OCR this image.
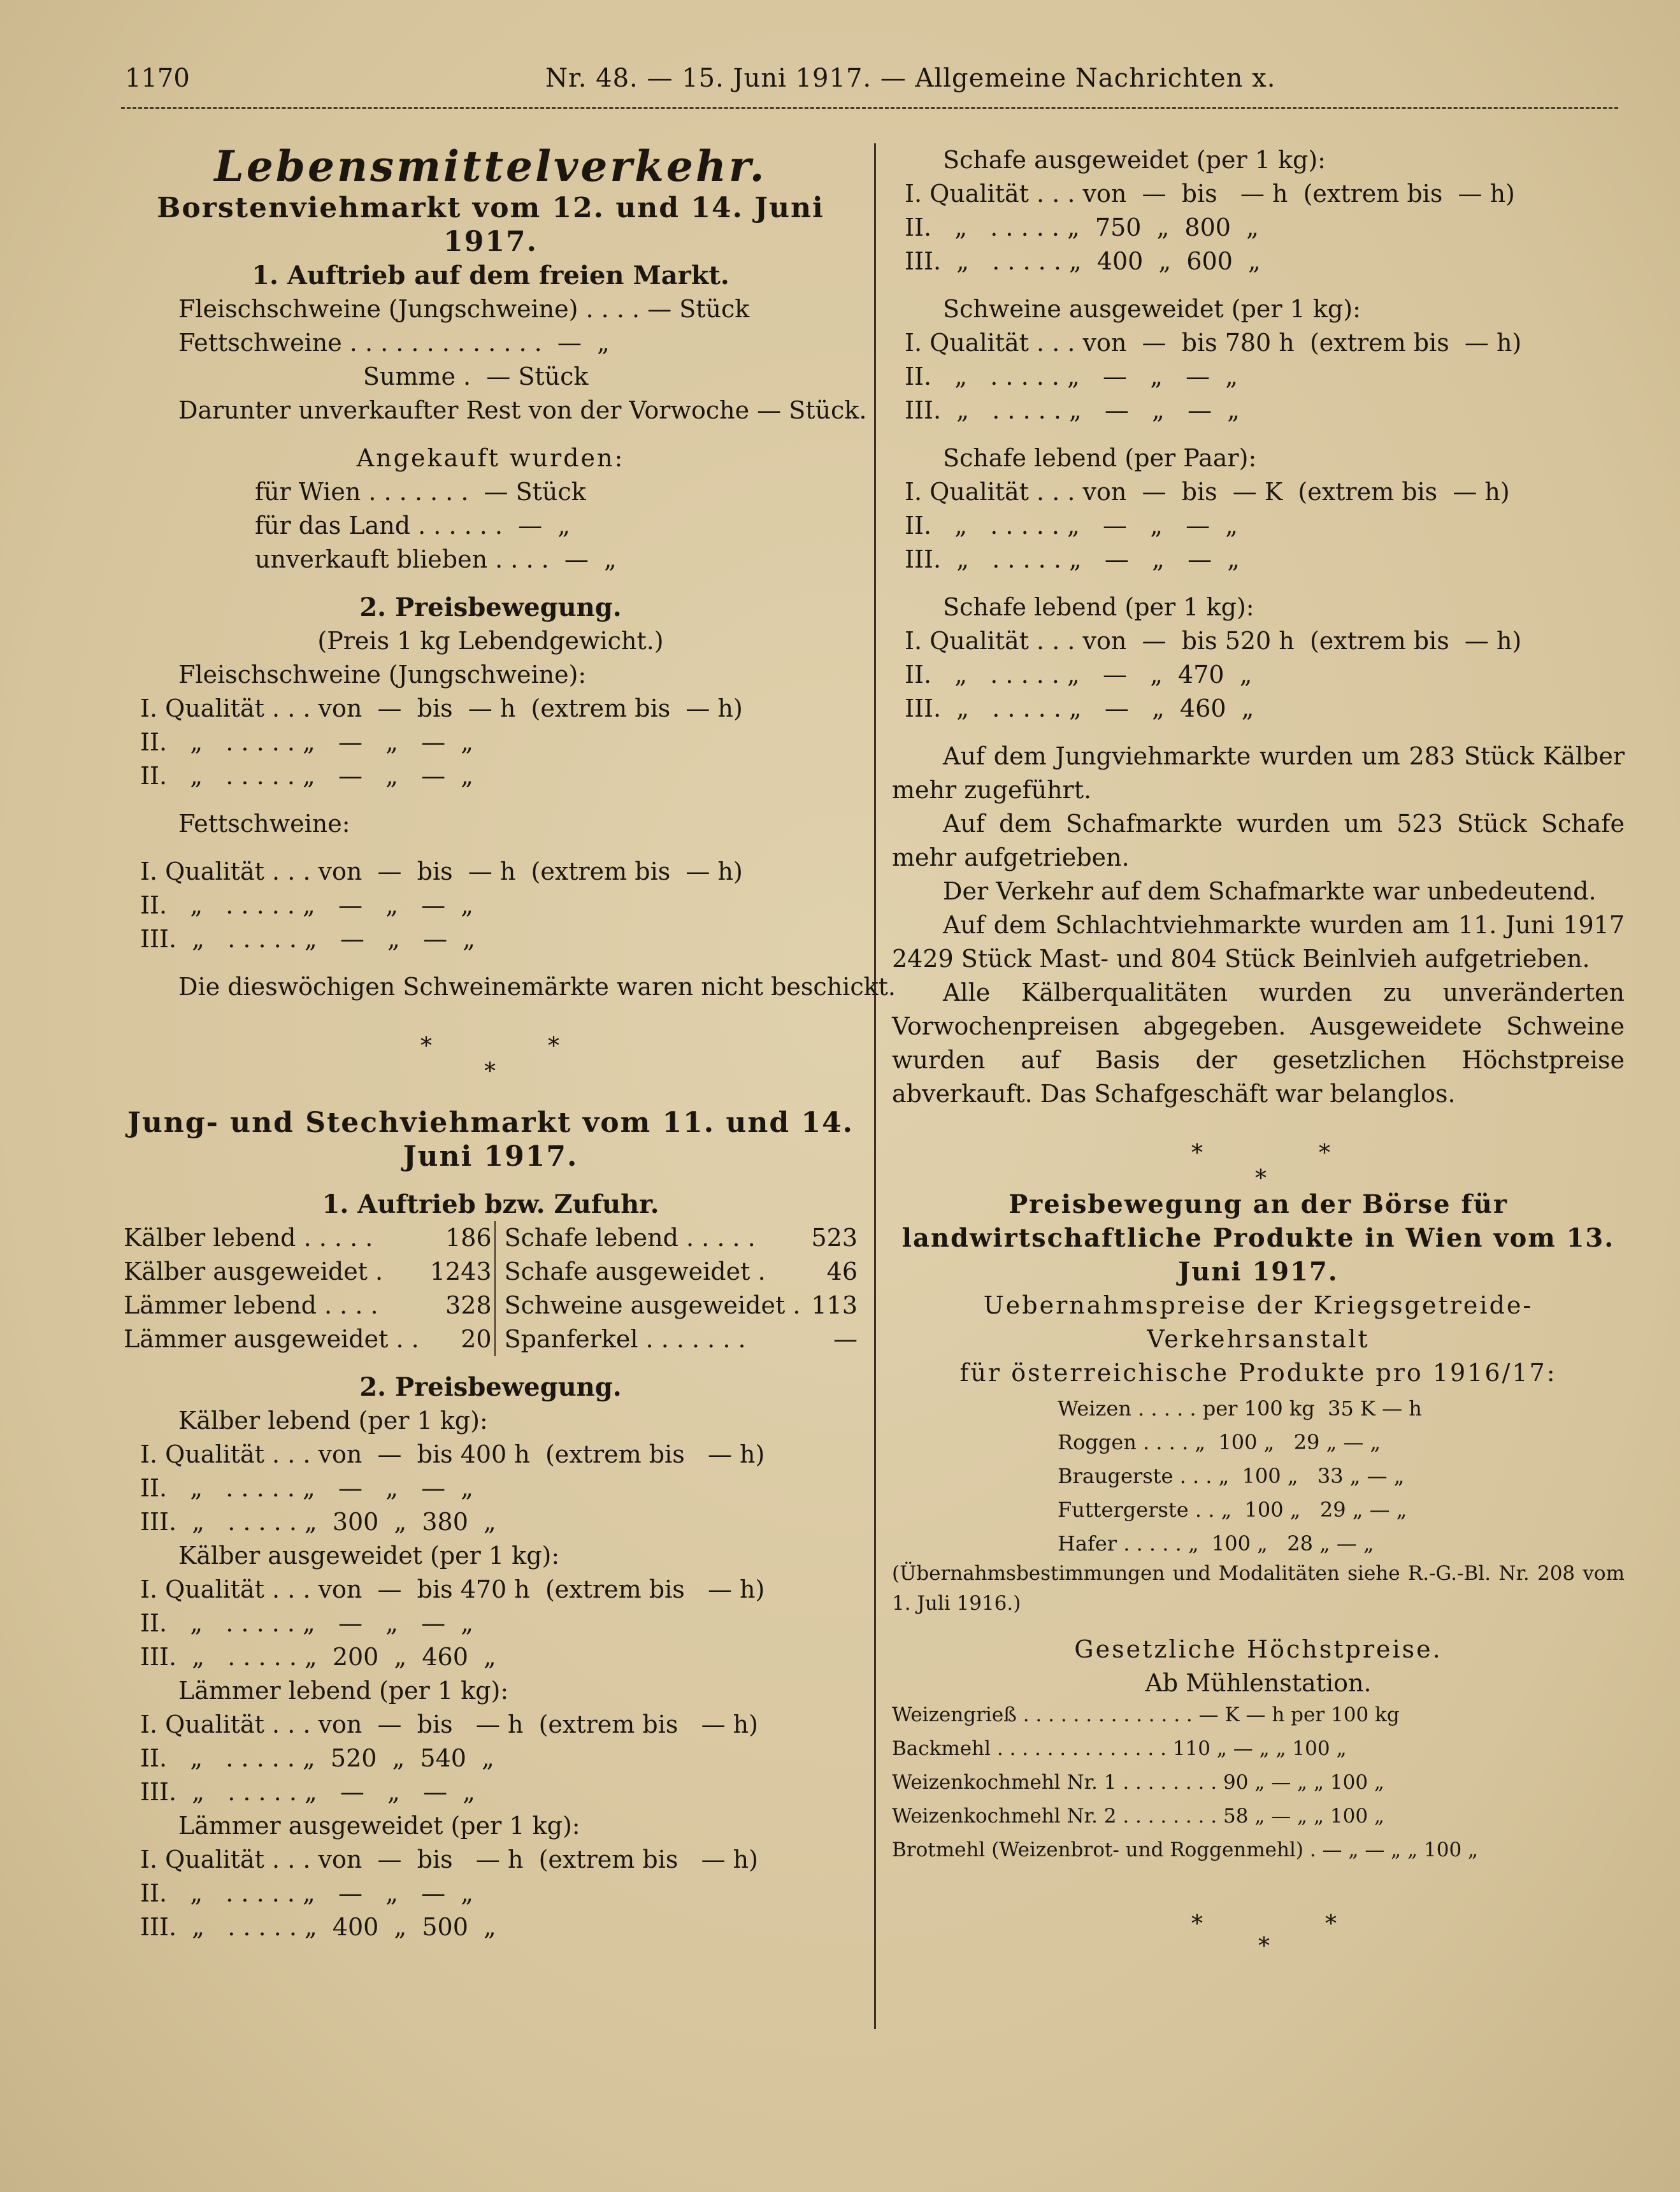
1170	Nr. 48. — 15. Juni 1917. — Allgemeine Nachrichten x.
Lebensmittelverkehr.
Borstenviehmarkt vom 12. und 14. Juni 1917.
1. Auftrieb auf dem freien Markt.
Fleischschweine (Jungschweine) . . . . — Stück
Fettschweine . . . . . . . . . . . . .  —  „
Summe .  — Stück
Darunter unverkaufter Rest von der Vorwoche — Stück.
Angekauft wurden:
für Wien . . . . . . .  — Stück
für das Land . . . . . .  —  „
unverkauft blieben . . . .  —  „
2. Preisbewegung.
(Preis 1 kg Lebendgewicht.)
Fleischschweine (Jungschweine):
I. Qualität . . . von  —  bis  — h  (extrem bis  — h)
II.   „   . . . . . „   —   „   —  „
II.   „   . . . . . „   —   „   —  „
Fettschweine:
I. Qualität . . . von  —  bis  — h  (extrem bis  — h)
II.   „   . . . . . „   —   „   —  „
III.  „   . . . . . „   —   „   —  „
Die dieswöchigen Schweinemärkte waren nicht beschickt.
*	*
*
Jung- und Stechviehmarkt vom 11. und 14. Juni 1917.
1. Auftrieb bzw. Zufuhr.
Kälber lebend . . . . .	186	Schafe lebend . . . . .	523
Kälber ausgeweidet .	1243	Schafe ausgeweidet .	46
Lämmer lebend . . . .	328	Schweine ausgeweidet .	113
Lämmer ausgeweidet . .	20	Spanferkel . . . . . . .	—
2. Preisbewegung.
Kälber lebend (per 1 kg):
I. Qualität . . . von  —  bis 400 h  (extrem bis   — h)
II.   „   . . . . . „   —   „   —  „
III.  „   . . . . . „  300  „  380  „
Kälber ausgeweidet (per 1 kg):
I. Qualität . . . von  —  bis 470 h  (extrem bis   — h)
II.   „   . . . . . „   —   „   —  „
III.  „   . . . . . „  200  „  460  „
Lämmer lebend (per 1 kg):
I. Qualität . . . von  —  bis   — h  (extrem bis   — h)
II.   „   . . . . . „  520  „  540  „
III.  „   . . . . . „   —   „   —  „
Lämmer ausgeweidet (per 1 kg):
I. Qualität . . . von  —  bis   — h  (extrem bis   — h)
II.   „   . . . . . „   —   „   —  „
III.  „   . . . . . „  400  „  500  „
Schafe ausgeweidet (per 1 kg):
I. Qualität . . . von  —  bis   — h  (extrem bis  — h)
II.   „   . . . . . „  750  „  800  „
III.  „   . . . . . „  400  „  600  „
Schweine ausgeweidet (per 1 kg):
I. Qualität . . . von  —  bis 780 h  (extrem bis  — h)
II.   „   . . . . . „   —   „   —  „
III.  „   . . . . . „   —   „   —  „
Schafe lebend (per Paar):
I. Qualität . . . von  —  bis  — K  (extrem bis  — h)
II.   „   . . . . . „   —   „   —  „
III.  „   . . . . . „   —   „   —  „
Schafe lebend (per 1 kg):
I. Qualität . . . von  —  bis 520 h  (extrem bis  — h)
II.   „   . . . . . „   —   „  470  „
III.  „   . . . . . „   —   „  460  „
Auf dem Jungviehmarkte wurden um 283 Stück Kälber mehr zugeführt.
Auf dem Schafmarkte wurden um 523 Stück Schafe mehr aufgetrieben.
Der Verkehr auf dem Schafmarkte war unbedeutend.
Auf dem Schlachtviehmarkte wurden am 11. Juni 1917 2429 Stück Mast- und 804 Stück Beinlvieh aufgetrieben.
Alle Kälberqualitäten wurden zu unveränderten Vorwochenpreisen abgegeben. Ausgeweidete Schweine wurden auf Basis der gesetzlichen Höchstpreise abverkauft. Das Schafgeschäft war belanglos.
*	*
*
Preisbewegung an der Börse für landwirtschaftliche Produkte in Wien vom 13. Juni 1917.
Uebernahmspreise der Kriegsgetreide-Verkehrsanstalt
für österreichische Produkte pro 1916/17:
Weizen . . . . . per 100 kg  35 K — h
Roggen . . . . „  100 „   29 „ — „
Braugerste . . . „  100 „   33 „ — „
Futtergerste . . „  100 „   29 „ — „
Hafer . . . . . „  100 „   28 „ — „
(Übernahmsbestimmungen und Modalitäten siehe R.-G.-Bl. Nr. 208 vom 1. Juli 1916.)
Gesetzliche Höchstpreise.
Ab Mühlenstation.
Weizengrieß . . . . . . . . . . . . . . — K — h per 100 kg
Backmehl . . . . . . . . . . . . . . 110 „ — „ „ 100 „
Weizenkochmehl Nr. 1 . . . . . . . . 90 „ — „ „ 100 „
Weizenkochmehl Nr. 2 . . . . . . . . 58 „ — „ „ 100 „
Brotmehl (Weizenbrot- und Roggenmehl) . — „ — „ „ 100 „
*	*
*
